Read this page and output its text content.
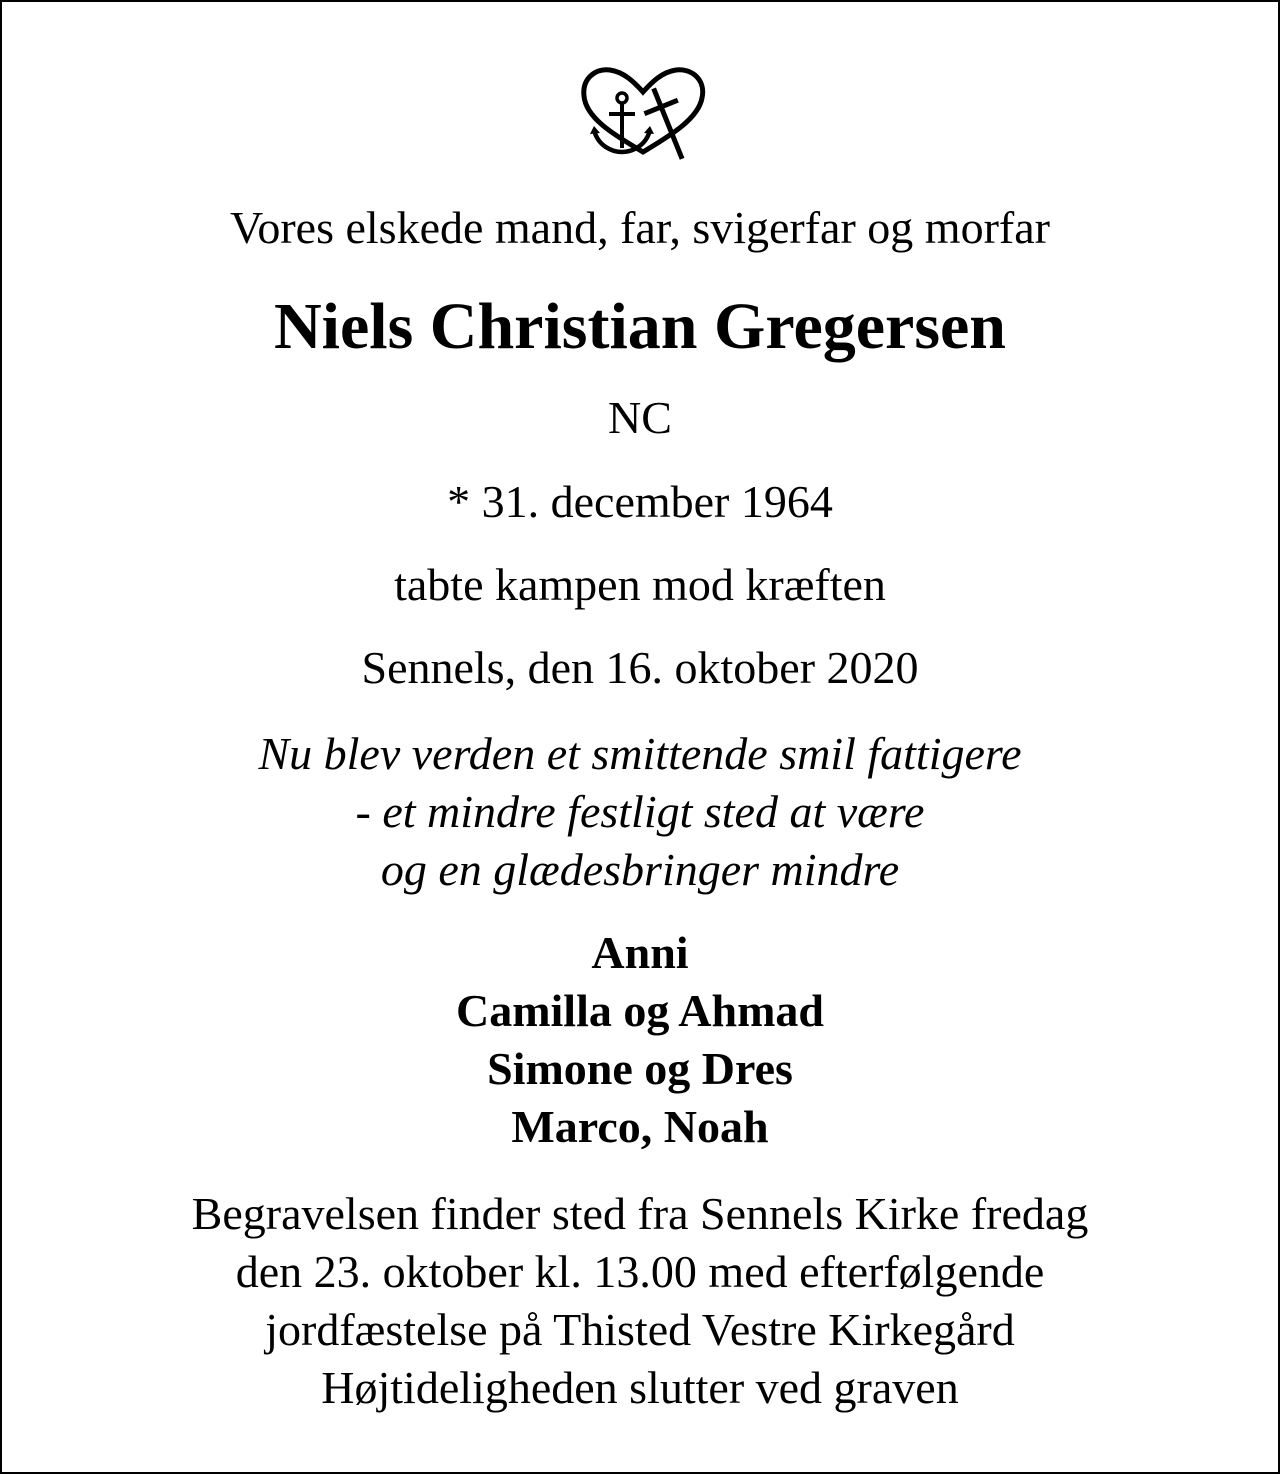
Vores elskede mand, far, svigerfar og morfar
Niels Christian Gregersen
NC
* 31. december 1964
tabte kampen mod kræften
Sennels, den 16. oktober 2020
Nu blev verden et smittende smil fattigere
- et mindre festligt sted at være
og en glædesbringer mindre
Anni
Camilla og Ahmad
Simone og Dres
Marco, Noah
Begravelsen finder sted fra Sennels Kirke fredag
den 23. oktober kl. 13.00 med efterfølgende
jordfæstelse på Thisted Vestre Kirkegård
Højtideligheden slutter ved graven
